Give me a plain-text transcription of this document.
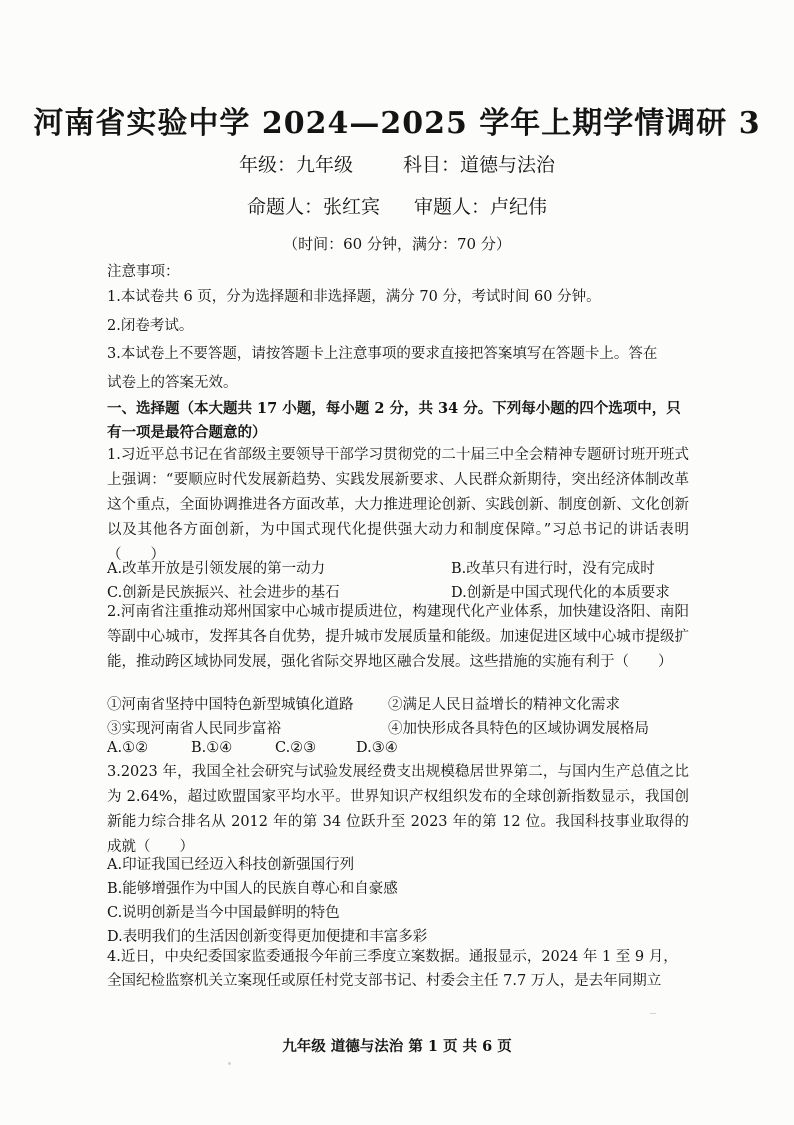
河南省实验中学 2024—2025 学年上期学情调研 3
年级：九年级	科目：道德与法治
命题人：张红宾 审题人：卢纪伟
（时间：60 分钟，满分：70 分）
注意事项：
1.本试卷共 6 页，分为选择题和非选择题，满分 70 分，考试时间 60 分钟。
2.闭卷考试。
3.本试卷上不要答题，请按答题卡上注意事项的要求直接把答案填写在答题卡上。答在
试卷上的答案无效。
一、选择题（本大题共 17 小题，每小题 2 分，共 34 分。下列每小题的四个选项中，只
有一项是最符合题意的）
1.习近平总书记在省部级主要领导干部学习贯彻党的二十届三中全会精神专题研讨班开班式上强调：“要顺应时代发展新趋势、实践发展新要求、人民群众新期待，突出经济体制改革这个重点，全面协调推进各方面改革，大力推进理论创新、实践创新、制度创新、文化创新以及其他各方面创新，为中国式现代化提供强大动力和制度保障。”习总书记的讲话表明（　　）
A.改革开放是引领发展的第一动力	B.改革只有进行时，没有完成时
C.创新是民族振兴、社会进步的基石	D.创新是中国式现代化的本质要求
2.河南省注重推动郑州国家中心城市提质进位，构建现代化产业体系，加快建设洛阳、南阳等副中心城市，发挥其各自优势，提升城市发展质量和能级。加速促进区域中心城市提级扩能，推动跨区域协同发展，强化省际交界地区融合发展。这些措施的实施有利于（　　）
①河南省坚持中国特色新型城镇化道路 ②满足人民日益增长的精神文化需求
③实现河南省人民同步富裕	④加快形成各具特色的区域协调发展格局
A.①②	B.①④	C.②③	D.③④
3.2023 年，我国全社会研究与试验发展经费支出规模稳居世界第二，与国内生产总值之比为 2.64%，超过欧盟国家平均水平。世界知识产权组织发布的全球创新指数显示，我国创新能力综合排名从 2012 年的第 34 位跃升至 2023 年的第 12 位。我国科技事业取得的成就（　　）
A.印证我国已经迈入科技创新强国行列
B.能够增强作为中国人的民族自尊心和自豪感
C.说明创新是当今中国最鲜明的特色
D.表明我们的生活因创新变得更加便捷和丰富多彩
4.近日，中央纪委国家监委通报今年前三季度立案数据。通报显示，2024 年 1 至 9 月，
全国纪检监察机关立案现任或原任村党支部书记、村委会主任 7.7 万人，是去年同期立
九年级 道德与法治 第 1 页 共 6 页
